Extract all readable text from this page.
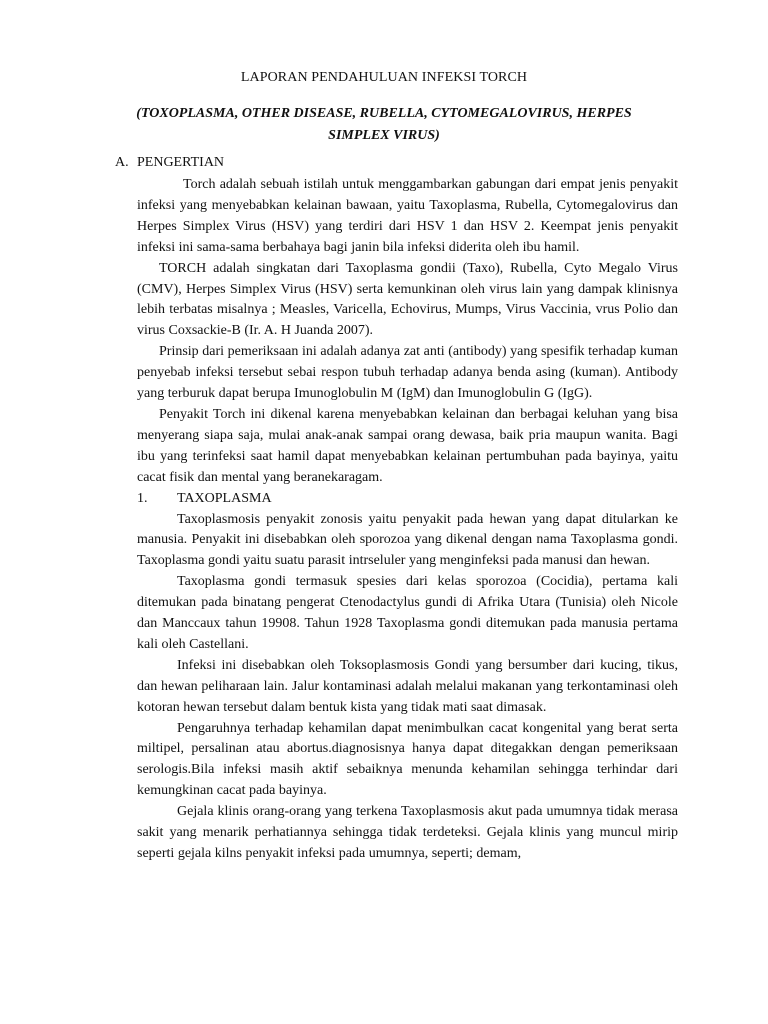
LAPORAN PENDAHULUAN INFEKSI TORCH
(TOXOPLASMA, OTHER DISEASE, RUBELLA, CYTOMEGALOVIRUS, HERPES SIMPLEX VIRUS)
A. PENGERTIAN

Torch adalah sebuah istilah untuk menggambarkan gabungan dari empat jenis penyakit infeksi yang menyebabkan kelainan bawaan, yaitu Taxoplasma, Rubella, Cytomegalovirus dan Herpes Simplex Virus (HSV) yang terdiri dari HSV 1 dan HSV 2. Keempat jenis penyakit infeksi ini sama-sama berbahaya bagi janin bila infeksi diderita oleh ibu hamil.

TORCH adalah singkatan dari Taxoplasma gondii (Taxo), Rubella, Cyto Megalo Virus (CMV), Herpes Simplex Virus (HSV) serta kemunkinan oleh virus lain yang dampak klinisnya lebih terbatas misalnya ; Measles, Varicella, Echovirus, Mumps, Virus Vaccinia, vrus Polio dan virus Coxsackie-B (Ir. A. H Juanda 2007).

Prinsip dari pemeriksaan ini adalah adanya zat anti (antibody) yang spesifik terhadap kuman penyebab infeksi tersebut sebai respon tubuh terhadap adanya benda asing (kuman). Antibody yang terburuk dapat berupa Imunoglobulin M (IgM) dan Imunoglobulin G (IgG).

Penyakit Torch ini dikenal karena menyebabkan kelainan dan berbagai keluhan yang bisa menyerang siapa saja, mulai anak-anak sampai orang dewasa, baik pria maupun wanita. Bagi ibu yang terinfeksi saat hamil dapat menyebabkan kelainan pertumbuhan pada bayinya, yaitu cacat fisik dan mental yang beranekaragam.

1. TAXOPLASMA

Taxoplasmosis penyakit zonosis yaitu penyakit pada hewan yang dapat ditularkan ke manusia. Penyakit ini disebabkan oleh sporozoa yang dikenal dengan nama Taxoplasma gondi. Taxoplasma gondi yaitu suatu parasit intrseluler yang menginfeksi pada manusi dan hewan.

Taxoplasma gondi termasuk spesies dari kelas sporozoa (Cocidia), pertama kali ditemukan pada binatang pengerat Ctenodactylus gundi di Afrika Utara (Tunisia) oleh Nicole dan Manccaux tahun 19908. Tahun 1928 Taxoplasma gondi ditemukan pada manusia pertama kali oleh Castellani.

Infeksi ini disebabkan oleh Toksoplasmosis Gondi yang bersumber dari kucing, tikus, dan hewan peliharaan lain. Jalur kontaminasi adalah melalui makanan yang terkontaminasi oleh kotoran hewan tersebut dalam bentuk kista yang tidak mati saat dimasak.

Pengaruhnya terhadap kehamilan dapat menimbulkan cacat kongenital yang berat serta miltipel, persalinan atau abortus.diagnosisnya hanya dapat ditegakkan dengan pemeriksaan serologis.Bila infeksi masih aktif sebaiknya menunda kehamilan sehingga terhindar dari kemungkinan cacat pada bayinya.

Gejala klinis orang-orang yang terkena Taxoplasmosis akut pada umumnya tidak merasa sakit yang menarik perhatiannya sehingga tidak terdeteksi. Gejala klinis yang muncul mirip seperti gejala kilns penyakit infeksi pada umumnya, seperti; demam,
